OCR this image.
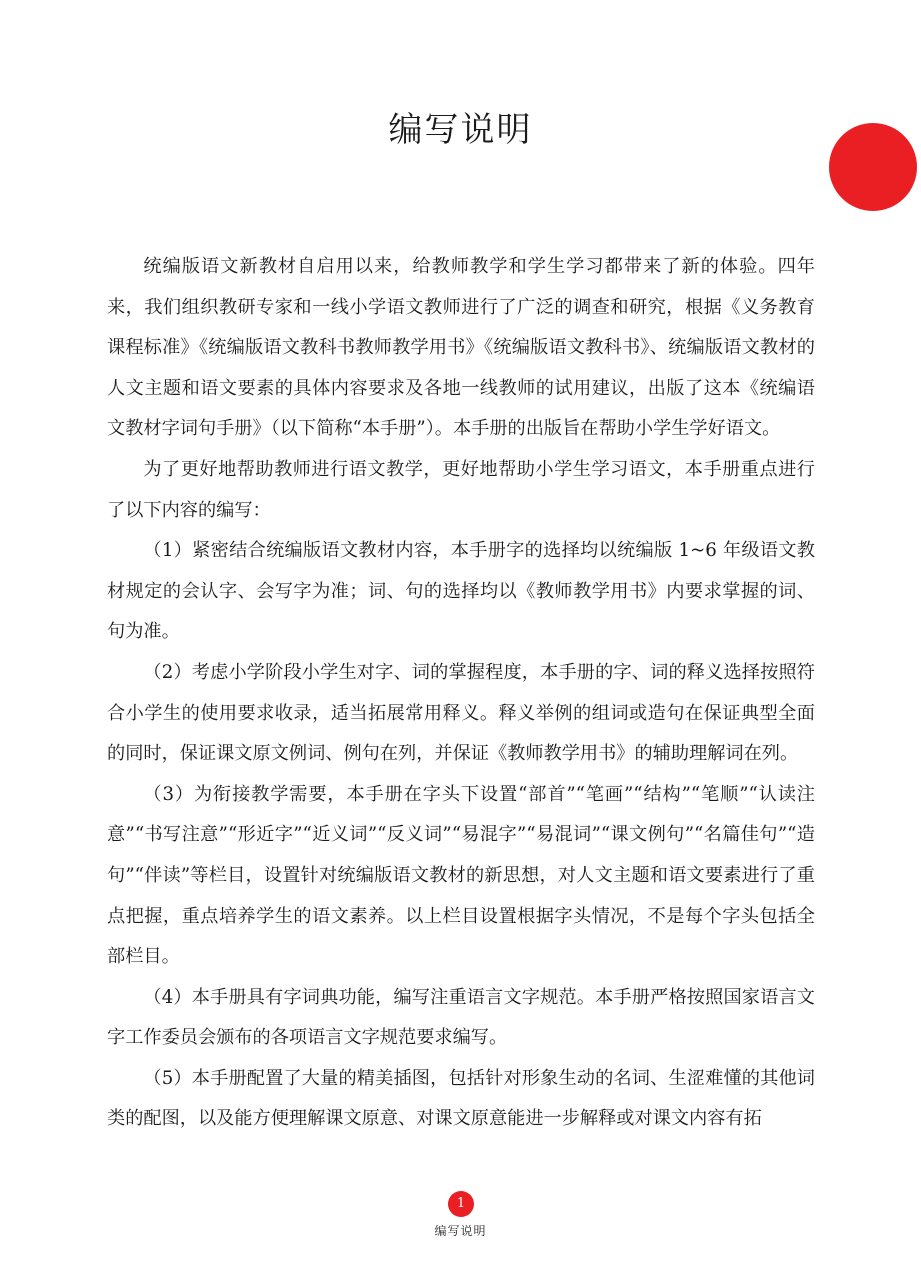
编写说明

统编版语文新教材自启用以来，给教师教学和学生学习都带来了新的体验。四年来，我们组织教研专家和一线小学语文教师进行了广泛的调查和研究，根据《义务教育课程标准》《统编版语文教科书教师教学用书》《统编版语文教科书》、统编版语文教材的人文主题和语文要素的具体内容要求及各地一线教师的试用建议，出版了这本《统编语文教材字词句手册》（以下简称“本手册”）。本手册的出版旨在帮助小学生学好语文。

为了更好地帮助教师进行语文教学，更好地帮助小学生学习语文，本手册重点进行了以下内容的编写：

（1）紧密结合统编版语文教材内容，本手册字的选择均以统编版 1~6 年级语文教材规定的会认字、会写字为准；词、句的选择均以《教师教学用书》内要求掌握的词、句为准。

（2）考虑小学阶段小学生对字、词的掌握程度，本手册的字、词的释义选择按照符合小学生的使用要求收录，适当拓展常用释义。释义举例的组词或造句在保证典型全面的同时，保证课文原文例词、例句在列，并保证《教师教学用书》的辅助理解词在列。

（3）为衔接教学需要，本手册在字头下设置“部首”“笔画”“结构”“笔顺”“认读注意”“书写注意”“形近字”“近义词”“反义词”“易混字”“易混词”“课文例句”“名篇佳句”“造句”“伴读”等栏目，设置针对统编版语文教材的新思想，对人文主题和语文要素进行了重点把握，重点培养学生的语文素养。以上栏目设置根据字头情况，不是每个字头包括全部栏目。

（4）本手册具有字词典功能，编写注重语言文字规范。本手册严格按照国家语言文字工作委员会颁布的各项语言文字规范要求编写。

（5）本手册配置了大量的精美插图，包括针对形象生动的名词、生涩难懂的其他词类的配图，以及能方便理解课文原意、对课文原意能进一步解释或对课文内容有拓

1
编写说明
